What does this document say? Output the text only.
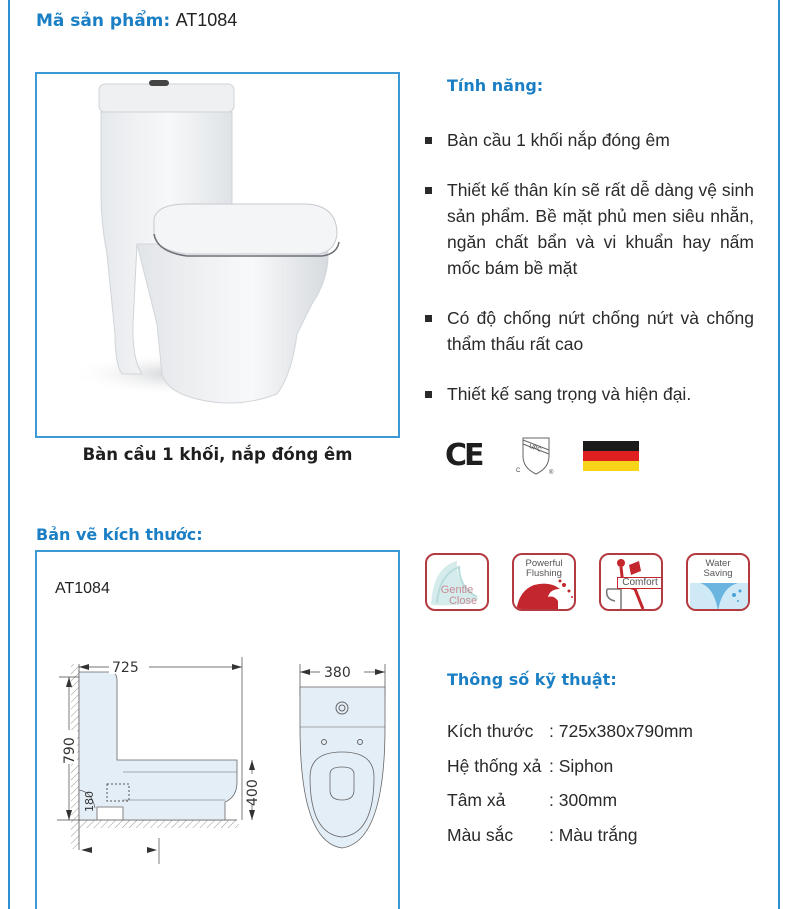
Mã sản phẩm: AT1084
Bàn cầu 1 khối, nắp đóng êm
Tính năng:
Bàn cầu 1 khối nắp đóng êm
Thiết kế thân kín sẽ rất dễ dàng vệ sinh sản phẩm. Bề mặt phủ men siêu nhẵn, ngăn chất bẩn và vi khuẩn hay nấm mốc bám bề mặt
Có độ chống nứt chống nứt và chống thẩm thấu rất cao
Thiết kế sang trọng và hiện đại.
CE	UPC
C	®
Bản vẽ kích thước:
AT1084
725
790
180	400
380
Gentle
Close
Powerful
Flushing
Comfort
Water
Saving
Thông số kỹ thuật:
Kích thước : 725x380x790mm
Hệ thống xả : Siphon
Tâm xả : 300mm
Màu sắc : Màu trắng
